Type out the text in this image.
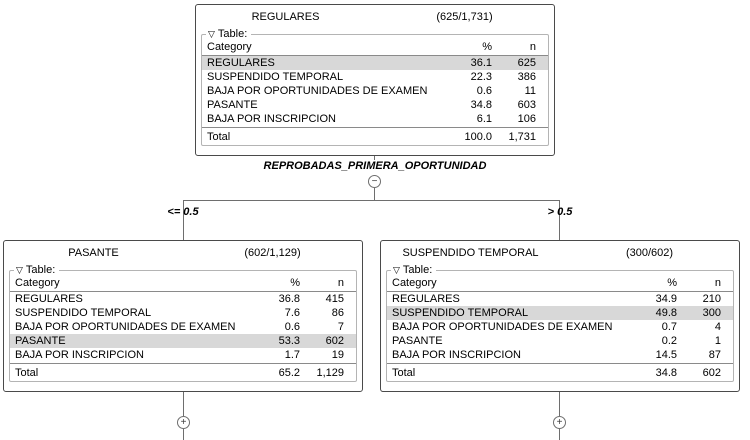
REGULARES	(625/1,731)
▽ Table:
Category	%	n
REGULARES	36.1	625
SUSPENDIDO TEMPORAL	22.3	386
BAJA POR OPORTUNIDADES DE EXAMEN	0.6	11
PASANTE	34.8	603
BAJA POR INSCRIPCION	6.1	106
Total	100.0	1,731
REPROBADAS_PRIMERA_OPORTUNIDAD
−
<= 0.5	> 0.5
PASANTE	(602/1,129)
▽ Table:
Category	%	n
REGULARES	36.8	415
SUSPENDIDO TEMPORAL	7.6	86
BAJA POR OPORTUNIDADES DE EXAMEN	0.6	7
PASANTE	53.3	602
BAJA POR INSCRIPCION	1.7	19
Total	65.2	1,129
SUSPENDIDO TEMPORAL	(300/602)
▽ Table:
Category	%	n
REGULARES	34.9	210
SUSPENDIDO TEMPORAL	49.8	300
BAJA POR OPORTUNIDADES DE EXAMEN	0.7	4
PASANTE	0.2	1
BAJA POR INSCRIPCION	14.5	87
Total	34.8	602
+	+
